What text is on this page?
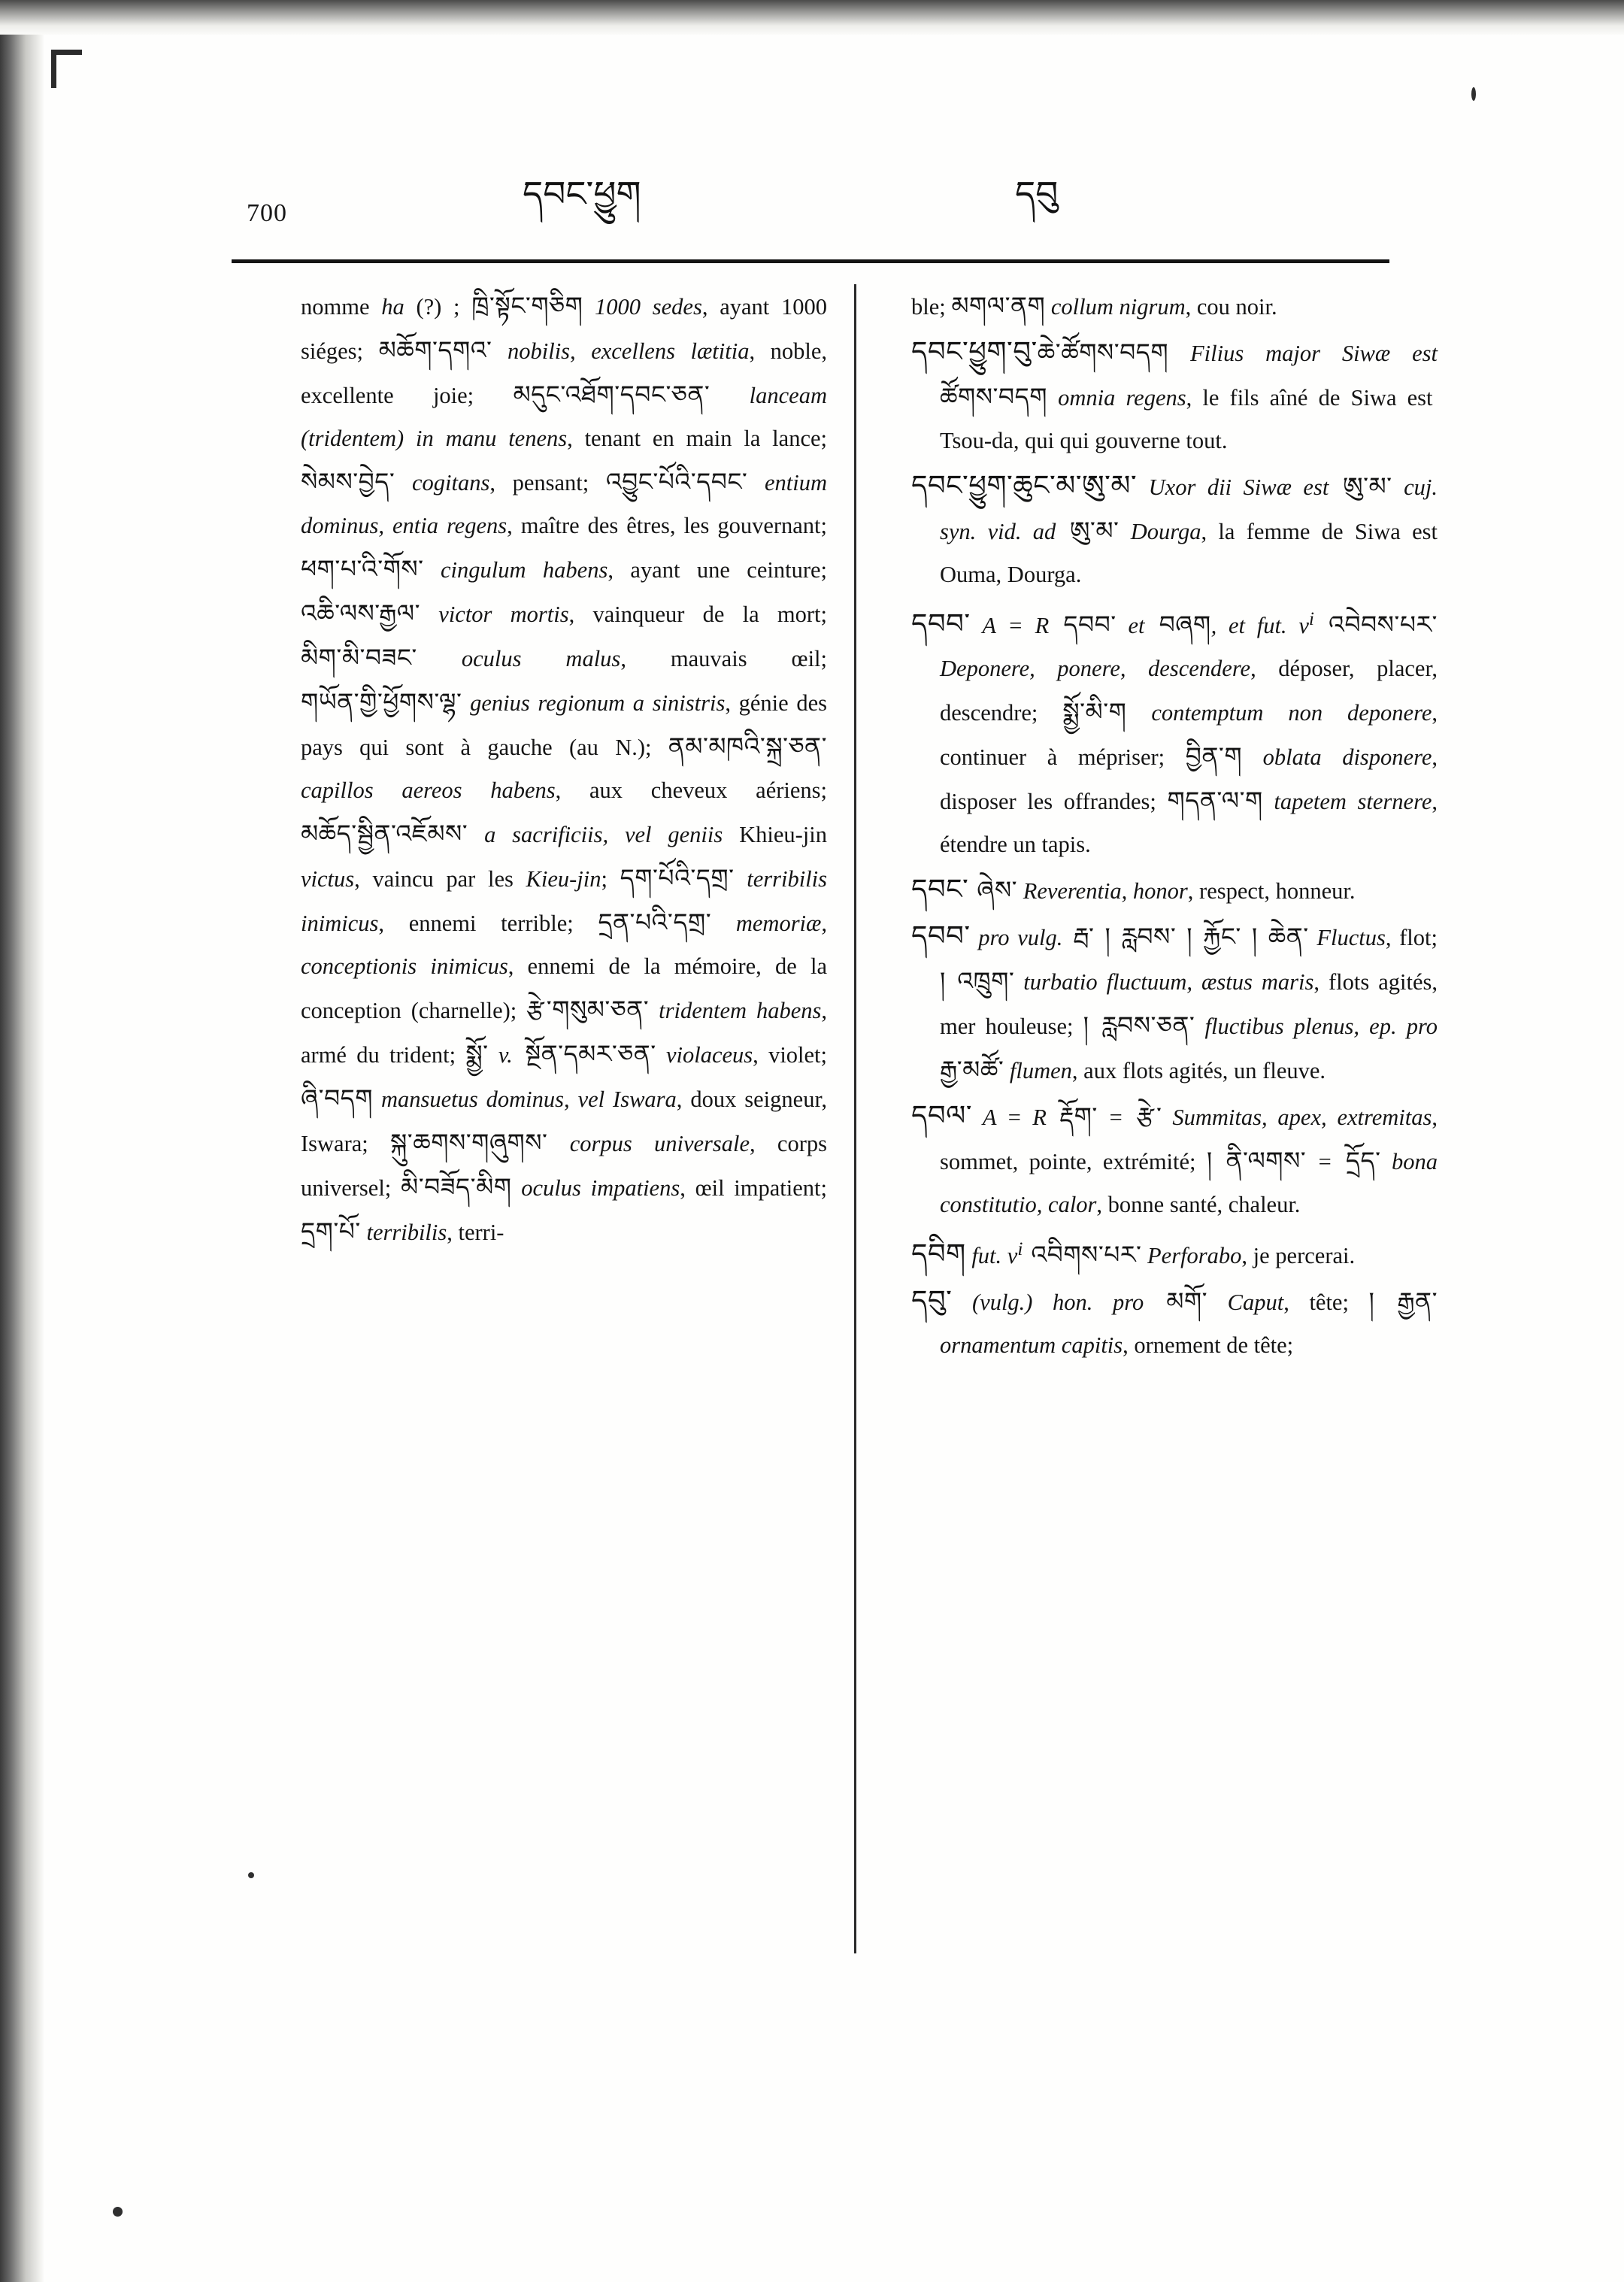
700	དབང་ཕྱུག	དབུ

nomme ha (?) ; ཁྲི་སྟོང་གཅིག 1000 sedes, ayant 1000 siéges; མཆོག་དགའ་ nobilis, excellens lætitia, noble, excellente joie; མདུང་འཐོག་དབང་ཅན་ lanceam (tridentem) in manu tenens, tenant en main la lance; སེམས་བྱེད་ cogitans, pensant; འབྱུང་པོའི་དབང་ entium dominus, entia regens, maître des êtres, les gouvernant; ཕག་པ་འི་གོས་ cingulum habens, ayant une ceinture; འཆི་ལས་རྒྱལ་ victor mortis, vainqueur de la mort; མིག་མི་བཟང་ oculus malus, mauvais œil; གཡོན་གྱི་ཕྱོགས་ལྷ་ genius regionum a sinistris, génie des pays qui sont à gauche (au N.); ནམ་མཁའི་སྐྲ་ཅན་ capillos aereos habens, aux cheveux aériens; མཆོད་སྦྱིན་འཇོམས་ a sacrificiis, vel geniis Khieu-jin victus, vaincu par les Kieu-jin; དག་པོའི་དགྲ་ terribilis inimicus, ennemi terrible; དྲན་པའི་དགྲ་ memoriæ, conceptionis inimicus, ennemi de la mémoire, de la conception (charnelle); རྩེ་གསུམ་ཅན་ tridentem habens, armé du trident; སྨྱོ་ v. སྔོན་དམར་ཅན་ violaceus, violet; ཞི་བདག mansuetus dominus, vel Iswara, doux seigneur, Iswara; སྐུ་ཆགས་གཞུགས་ corpus universale, corps universel; མི་བཟོད་མིག oculus impatiens, œil impatient; དྲག་པོ་ terribilis, terri-

ble; མགལ་ནག collum nigrum, cou noir.

དབང་ཕྱུག་བུ་ཆེ་ཚོགས་བདག Filius major Siwæ est ཚོགས་བདག omnia regens, le fils aîné de Siwa est Tsou-da, qui qui gouverne tout.

དབང་ཕྱུག་ཆུང་མ་ཨུ་མ་ Uxor dii Siwæ est ཨུ་མ་ cuj. syn. vid. ad ཨུ་མ་ Dourga, la femme de Siwa est Ouma, Dourga.

དབབ་ A = R དབབ་ et བཞག, et fut. $v^i$ འབེབས་པར་ Deponere, ponere, descendere, déposer, placer, descendre; སྨྱོ་མི་ག contemptum non deponere, continuer à mépriser; བྱིན་ག oblata disponere, disposer les offrandes; གདན་ལ་ག tapetem sternere, étendre un tapis.

དབང་ ཞེས་ Reverentia, honor, respect, honneur.

དབབ་ pro vulg. རྦ་ ། རླབས་ ། རྐྱོང་ ། ཆེན་ Fluctus, flot; ། འཁྲུག་ turbatio fluctuum, æstus maris, flots agités, mer houleuse; ། རླབས་ཅན་ fluctibus plenus, ep. pro རྒྱ་མཚོ་ flumen, aux flots agités, un fleuve.

དབལ་ A = R རྡོག་ = རྩེ་ Summitas, apex, extremitas, sommet, pointe, extrémité; ། ནི་ལགས་ = དྲོད་ bona constitutio, calor, bonne santé, chaleur.

དབིག fut. $v^i$ འབིགས་པར་ Perforabo, je percerai.

དབུ་ (vulg.) hon. pro མགོ་ Caput, tête; ། རྒྱན་ ornamentum capitis, ornement de tête;
